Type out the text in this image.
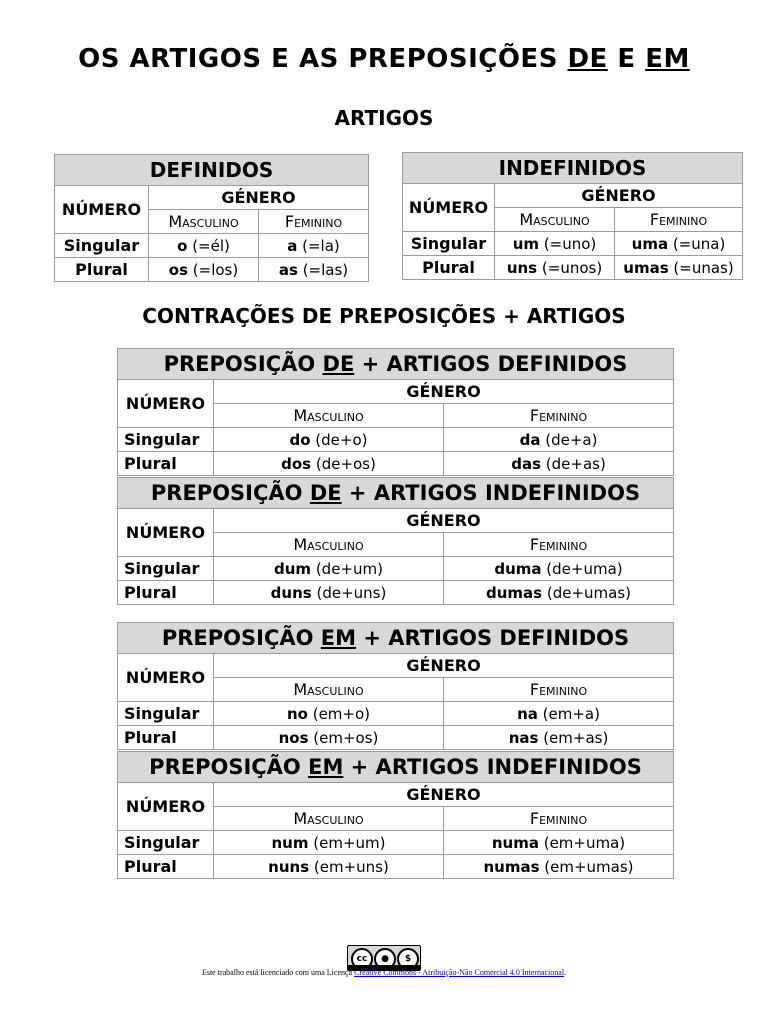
OS ARTIGOS E AS PREPOSIÇÕES DE E EM
ARTIGOS
DEFINIDOS		
NÚMERO	GÉNERO	
	Masculino	Feminino
Singular	o (=él)	a (=la)
Plural	os (=los)	as (=las)
INDEFINIDOS		
NÚMERO	GÉNERO	
	Masculino	Feminino
Singular	um (=uno)	uma (=una)
Plural	uns (=unos)	umas (=unas)
CONTRAÇÕES DE PREPOSIÇÕES + ARTIGOS
PREPOSIÇÃO DE + ARTIGOS DEFINIDOS		
NÚMERO	GÉNERO	
	Masculino	Feminino
Singular	do (de+o)	da (de+a)
Plural	dos (de+os)	das (de+as)
PREPOSIÇÃO DE + ARTIGOS INDEFINIDOS		
NÚMERO	GÉNERO	
	Masculino	Feminino
Singular	dum (de+um)	duma (de+uma)
Plural	duns (de+uns)	dumas (de+umas)
PREPOSIÇÃO EM + ARTIGOS DEFINIDOS		
NÚMERO	GÉNERO	
	Masculino	Feminino
Singular	no (em+o)	na (em+a)
Plural	nos (em+os)	nas (em+as)
PREPOSIÇÃO EM + ARTIGOS INDEFINIDOS		
NÚMERO	GÉNERO	
	Masculino	Feminino
Singular	num (em+um)	numa (em+uma)
Plural	nuns (em+uns)	numas (em+umas)
cc	●	$
Este trabalho está licenciado com uma Licença Creative Commons - Atribuição-Não Comercial 4.0 Internacional.
